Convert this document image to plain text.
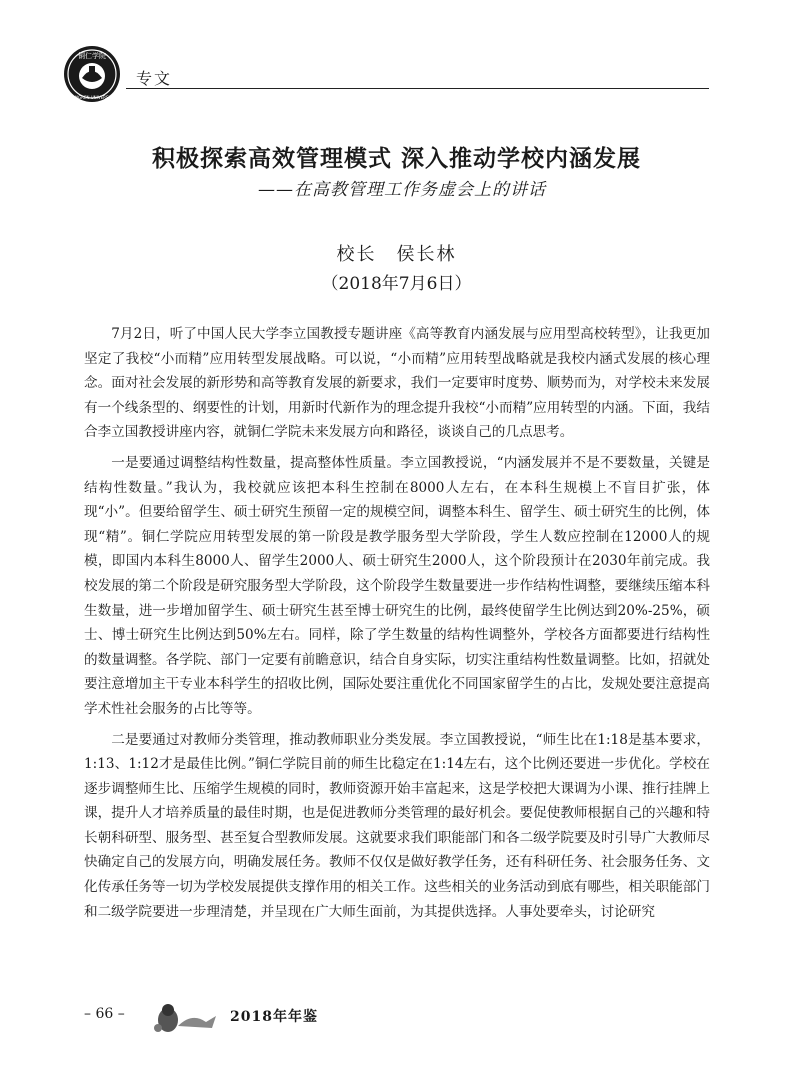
铜仁学院
TONGREN UNIVERSITY
专文
积极探索高效管理模式 深入推动学校内涵发展
——在高教管理工作务虚会上的讲话
校长　侯长林
（2018年7月6日）

7月2日，听了中国人民大学李立国教授专题讲座《高等教育内涵发展与应用型高校转型》，让我更加坚定了我校“小而精”应用转型发展战略。可以说，“小而精”应用转型战略就是我校内涵式发展的核心理念。面对社会发展的新形势和高等教育发展的新要求，我们一定要审时度势、顺势而为，对学校未来发展有一个线条型的、纲要性的计划，用新时代新作为的理念提升我校“小而精”应用转型的内涵。下面，我结合李立国教授讲座内容，就铜仁学院未来发展方向和路径，谈谈自己的几点思考。

一是要通过调整结构性数量，提高整体性质量。李立国教授说，“内涵发展并不是不要数量，关键是结构性数量。”我认为，我校就应该把本科生控制在8000人左右，在本科生规模上不盲目扩张，体现“小”。但要给留学生、硕士研究生预留一定的规模空间，调整本科生、留学生、硕士研究生的比例，体现“精”。铜仁学院应用转型发展的第一阶段是教学服务型大学阶段，学生人数应控制在12000人的规模，即国内本科生8000人、留学生2000人、硕士研究生2000人，这个阶段预计在2030年前完成。我校发展的第二个阶段是研究服务型大学阶段，这个阶段学生数量要进一步作结构性调整，要继续压缩本科生数量，进一步增加留学生、硕士研究生甚至博士研究生的比例，最终使留学生比例达到20%-25%，硕士、博士研究生比例达到50%左右。同样，除了学生数量的结构性调整外，学校各方面都要进行结构性的数量调整。各学院、部门一定要有前瞻意识，结合自身实际，切实注重结构性数量调整。比如，招就处要注意增加主干专业本科学生的招收比例，国际处要注重优化不同国家留学生的占比，发规处要注意提高学术性社会服务的占比等等。

二是要通过对教师分类管理，推动教师职业分类发展。李立国教授说，“师生比在1:18是基本要求，1:13、1:12才是最佳比例。”铜仁学院目前的师生比稳定在1:14左右，这个比例还要进一步优化。学校在逐步调整师生比、压缩学生规模的同时，教师资源开始丰富起来，这是学校把大课调为小课、推行挂牌上课，提升人才培养质量的最佳时期，也是促进教师分类管理的最好机会。要促使教师根据自己的兴趣和特长朝科研型、服务型、甚至复合型教师发展。这就要求我们职能部门和各二级学院要及时引导广大教师尽快确定自己的发展方向，明确发展任务。教师不仅仅是做好教学任务，还有科研任务、社会服务任务、文化传承任务等一切为学校发展提供支撑作用的相关工作。这些相关的业务活动到底有哪些，相关职能部门和二级学院要进一步理清楚，并呈现在广大师生面前，为其提供选择。人事处要牵头，讨论研究

– 66 –	2018年年鉴
